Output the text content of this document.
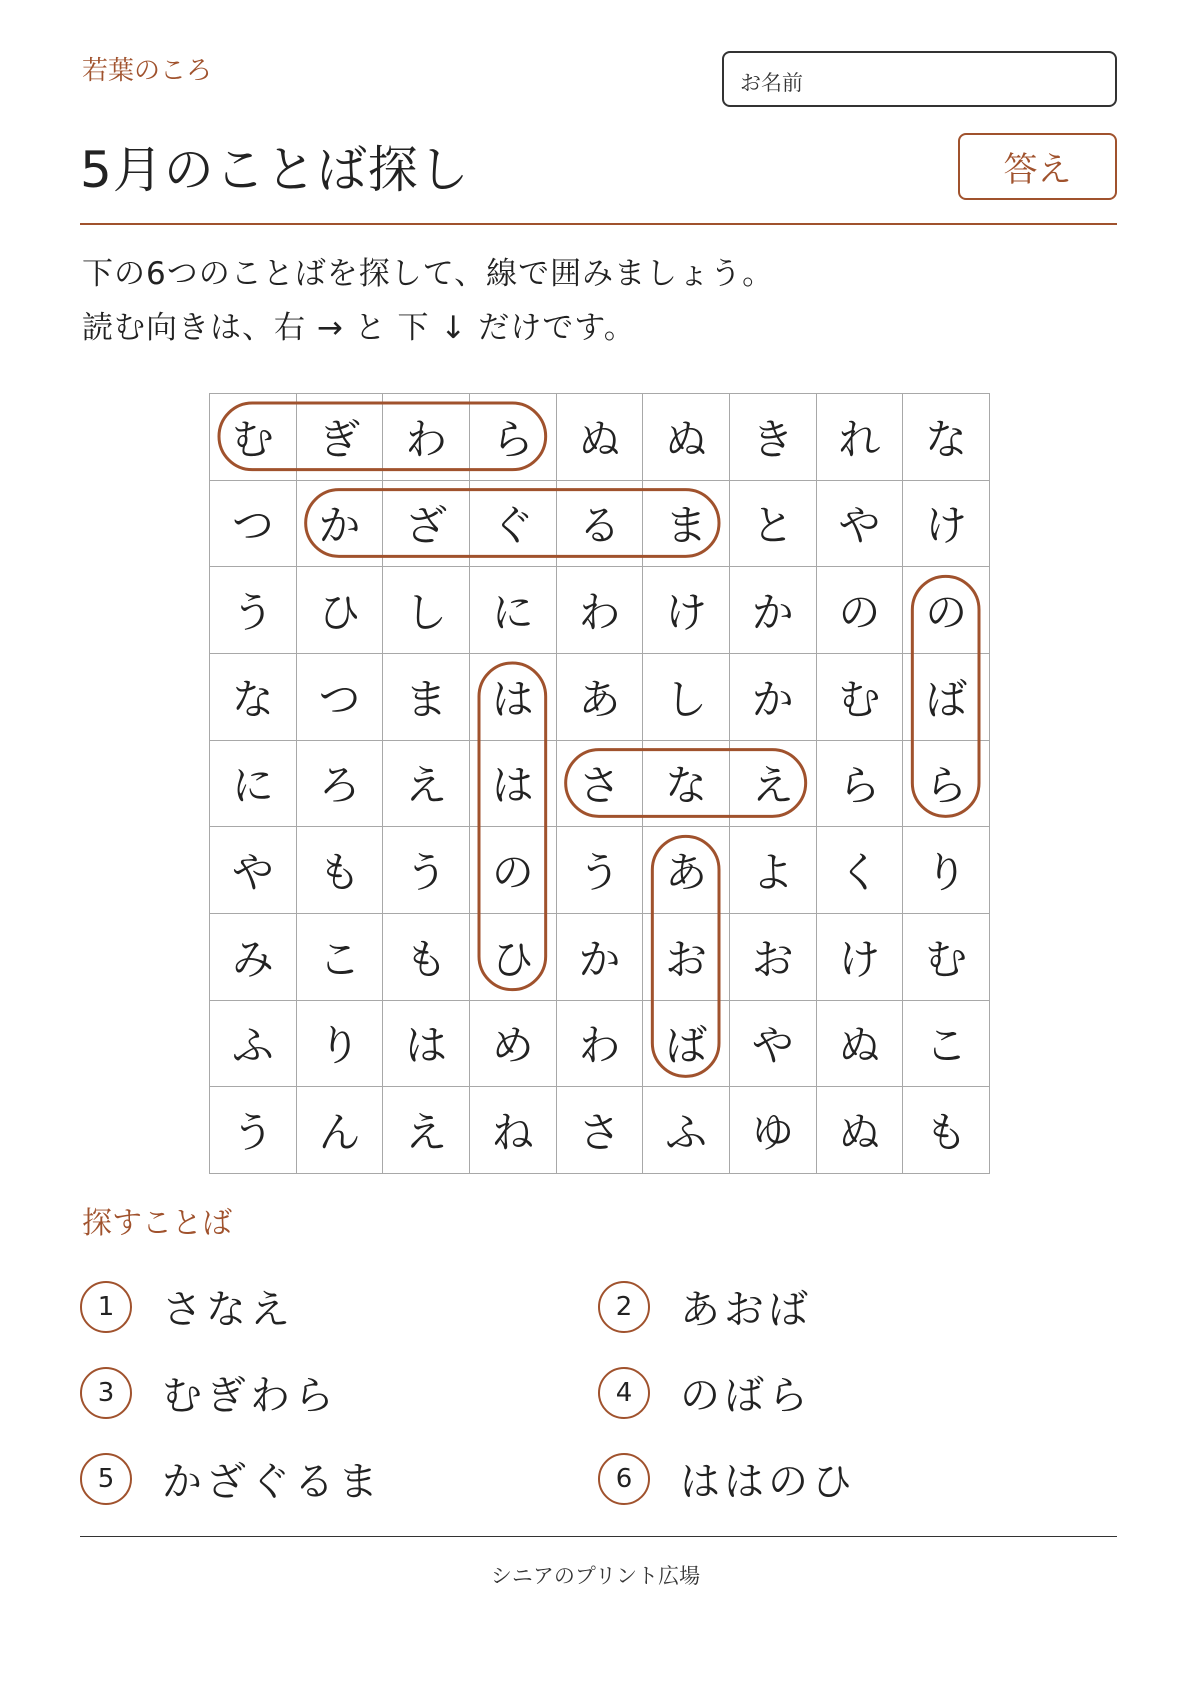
若葉のころ	お名前
5月のことば探し	答え

下の6つのことばを探して、線で囲みましょう。

読む向きは、右 → と 下 ↓ だけです。

む	ぎ	わ	ら	ぬ	ぬ	き	れ	な
つ	か	ざ	ぐ	る	ま	と	や	け
う	ひ	し	に	わ	け	か	の	の
な	つ	ま	は	あ	し	か	む	ば
に	ろ	え	は	さ	な	え	ら	ら
や	も	う	の	う	あ	よ	く	り
み	こ	も	ひ	か	お	お	け	む
ふ	り	は	め	わ	ば	や	ぬ	こ
う	ん	え	ね	さ	ふ	ゆ	ぬ	も
探すことば
1	さなえ	2	あおば
3	むぎわら	4	のばら
5	かざぐるま	6	ははのひ
シニアのプリント広場
